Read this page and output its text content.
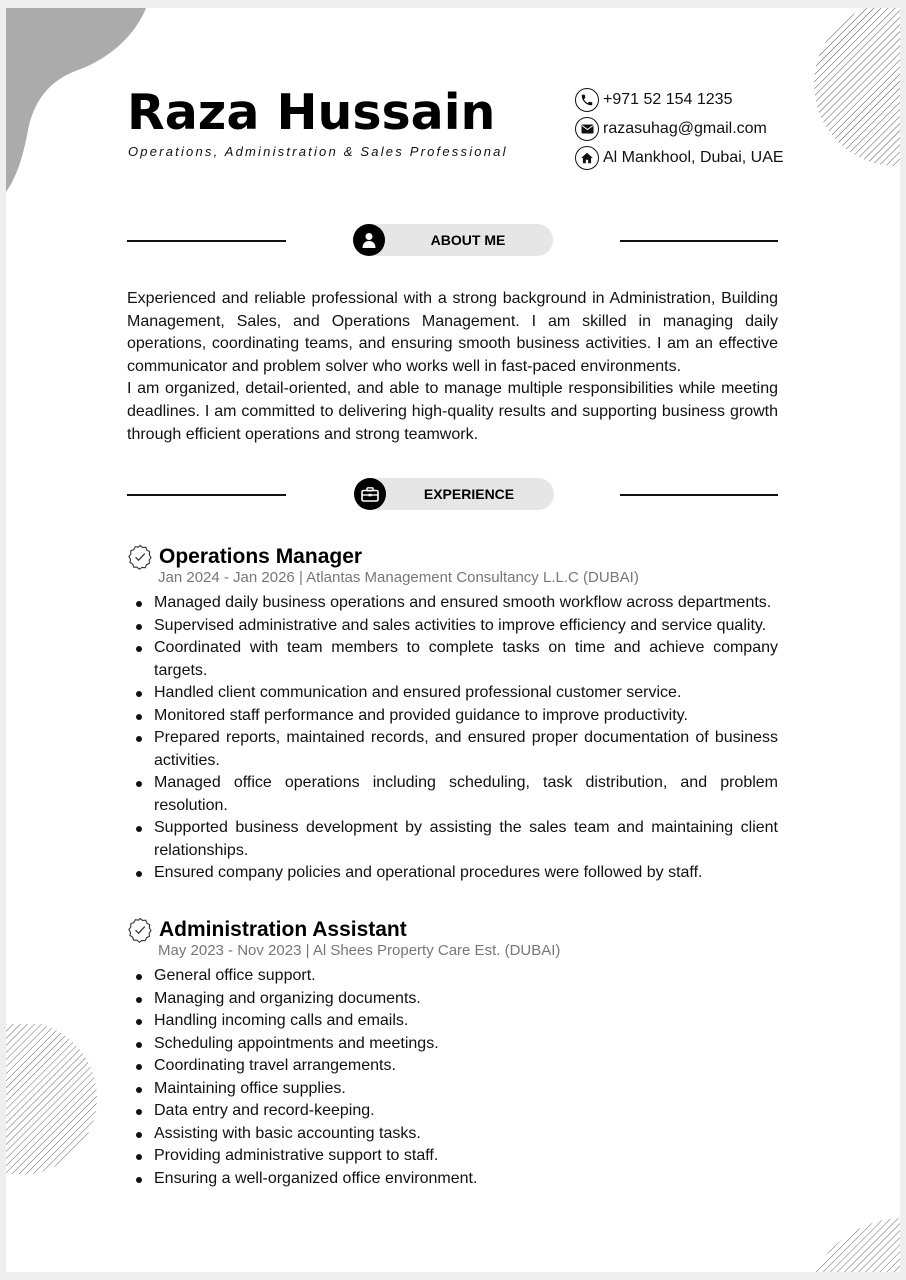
Raza Hussain
Operations, Administration & Sales Professional
+971 52 154 1235
razasuhag@gmail.com
Al Mankhool, Dubai, UAE
ABOUT ME

Experienced and reliable professional with a strong background in Administration, Building Management, Sales, and Operations Management. I am skilled in managing daily operations, coordinating teams, and ensuring smooth business activities. I am an effective communicator and problem solver who works well in fast-paced environments.

I am organized, detail-oriented, and able to manage multiple responsibilities while meeting deadlines. I am committed to delivering high-quality results and supporting business growth through efficient operations and strong teamwork.

EXPERIENCE
Operations Manager
Jan 2024 - Jan 2026 | Atlantas Management Consultancy L.L.C (DUBAI)
Managed daily business operations and ensured smooth workflow across departments.
Supervised administrative and sales activities to improve efficiency and service quality.
Coordinated with team members to complete tasks on time and achieve company targets.
Handled client communication and ensured professional customer service.
Monitored staff performance and provided guidance to improve productivity.
Prepared reports, maintained records, and ensured proper documentation of business activities.
Managed office operations including scheduling, task distribution, and problem resolution.
Supported business development by assisting the sales team and maintaining client relationships.
Ensured company policies and operational procedures were followed by staff.
Administration Assistant
May 2023 - Nov 2023 | Al Shees Property Care Est. (DUBAI)
General office support.
Managing and organizing documents.
Handling incoming calls and emails.
Scheduling appointments and meetings.
Coordinating travel arrangements.
Maintaining office supplies.
Data entry and record-keeping.
Assisting with basic accounting tasks.
Providing administrative support to staff.
Ensuring a well-organized office environment.
